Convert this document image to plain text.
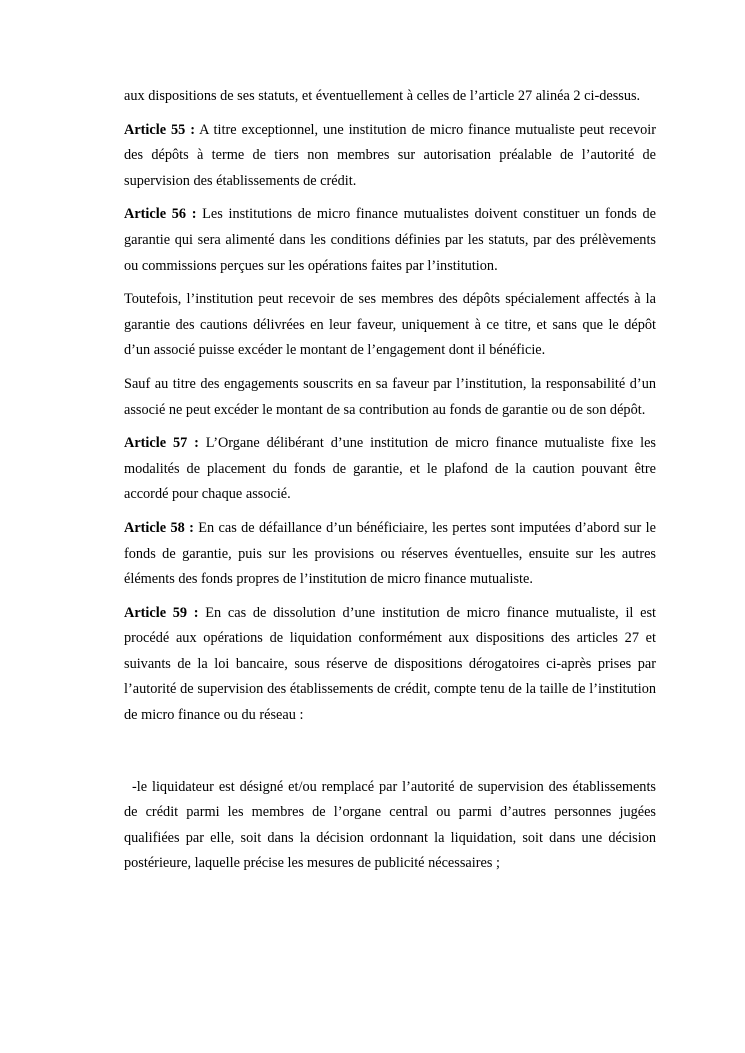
aux dispositions de ses statuts, et éventuellement à celles de l’article 27 alinéa 2 ci-dessus.

Article 55 : A titre exceptionnel, une institution de micro finance mutualiste peut recevoir des dépôts à terme de tiers non membres sur autorisation préalable de l’autorité de supervision des établissements de crédit.

Article 56 : Les institutions de micro finance mutualistes doivent constituer un fonds de garantie qui sera alimenté dans les conditions définies par les statuts, par des prélèvements ou commissions perçues sur les opérations faites par l’institution.

Toutefois, l’institution peut recevoir de ses membres des dépôts spécialement affectés à la garantie des cautions délivrées en leur faveur, uniquement à ce titre, et sans que le dépôt d’un associé puisse excéder le montant de l’engagement dont il bénéficie.

Sauf au titre des engagements souscrits en sa faveur par l’institution, la responsabilité d’un associé ne peut excéder le montant de sa contribution au fonds de garantie ou de son dépôt.

Article 57 : L’Organe délibérant d’une institution de micro finance mutualiste fixe les modalités de placement du fonds de garantie, et le plafond de la caution pouvant être accordé pour chaque associé.

Article 58 : En cas de défaillance d’un bénéficiaire, les pertes sont imputées d’abord sur le fonds de garantie, puis sur les provisions ou réserves éventuelles, ensuite sur les autres éléments des fonds propres de l’institution de micro finance mutualiste.

Article 59 : En cas de dissolution d’une institution de micro finance mutualiste, il est procédé aux opérations de liquidation conformément aux dispositions des articles 27 et suivants de la loi bancaire, sous réserve de dispositions dérogatoires ci-après prises par l’autorité de supervision des établissements de crédit, compte tenu de la taille de l’institution de micro finance ou du réseau :

-le liquidateur est désigné et/ou remplacé par l’autorité de supervision des établissements de crédit parmi les membres de l’organe central ou parmi d’autres personnes jugées qualifiées par elle, soit dans la décision ordonnant la liquidation, soit dans une décision postérieure, laquelle précise les mesures de publicité nécessaires ;
